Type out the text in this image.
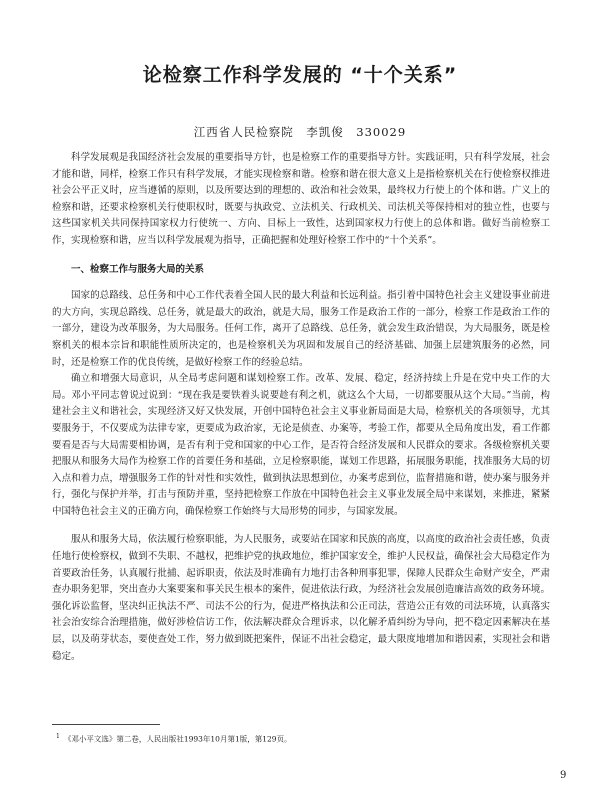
论检察工作科学发展的 “十个关系”
江西省人民检察院　李凯俊　330029

科学发展观是我国经济社会发展的重要指导方针，也是检察工作的重要指导方针。实践证明，只有科学发展，社会才能和谐，同样，检察工作只有科学发展，才能实现检察和谐。检察和谐在很大意义上是指检察机关在行使检察权推进社会公平正义时，应当遵循的原则，以及所要达到的理想的、政治和社会效果，最终权力行使上的个体和谐。广义上的检察和谐，还要求检察机关行使职权时，既要与执政党、立法机关、行政机关、司法机关等保持相对的独立性，也要与这些国家机关共同保持国家权力行使统一、方向、目标上一致性，达到国家权力行使上的总体和谐。做好当前检察工作，实现检察和谐，应当以科学发展观为指导，正确把握和处理好检察工作中的“十个关系”。

一、检察工作与服务大局的关系

国家的总路线、总任务和中心工作代表着全国人民的最大利益和长远利益。指引着中国特色社会主义建设事业前进的大方向，实现总路线、总任务，就是最大的政治，就是大局，服务工作是政治工作的一部分，检察工作是政治工作的一部分，建设为改革服务，为大局服务。任何工作，离开了总路线、总任务，就会发生政治错误，为大局服务，既是检察机关的根本宗旨和职能性质所决定的，也是检察机关为巩固和发展自己的经济基础、加强上层建筑服务的必然，同时，还是检察工作的优良传统，是做好检察工作的经验总结。

确立和增强大局意识，从全局考虑问题和谋划检察工作。改革、发展、稳定，经济持续上升是在党中央工作的大局。邓小平同志曾说过说到：“现在我是要铁着头说要趁有利之机，就这么个大局，一切都要服从这个大局。”当前，构建社会主义和谐社会，实现经济又好又快发展，开创中国特色社会主义事业新局面是大局，检察机关的各项领导，尤其要服务于，不仅要成为法律专家，更要成为政治家，无论是侦查、办案等，考验工作，都要从全局角度出发，看工作都要看是否与大局需要相协调，是否有利于党和国家的中心工作，是否符合经济发展和人民群众的要求。各级检察机关要把服从和服务大局作为检察工作的首要任务和基础，立足检察职能，谋划工作思路，拓展服务职能，找准服务大局的切入点和着力点，增强服务工作的针对性和实效性，做到执法思想到位，办案考虑到位，监督措施和谐，使办案与服务并行，强化与保护并举，打击与预防并重，坚持把检察工作放在中国特色社会主义事业发展全局中来谋划，来推进，紧紧中国特色社会主义的正确方向，确保检察工作始终与大局形势的同步，与国家发展。

服从和服务大局，依法履行检察职能，为人民服务，或要站在国家和民族的高度，以高度的政治社会责任感，负责任地行使检察权，做到不失职、不越权，把维护党的执政地位，维护国家安全，维护人民权益，确保社会大局稳定作为首要政治任务，认真履行批捕、起诉职责，依法及时准确有力地打击各种刑事犯罪，保障人民群众生命财产安全，严肃查办职务犯罪，突出查办大案要案和事关民生根本的案件，促进依法行政，为经济社会发展创造廉洁高效的政务环境。强化诉讼监督，坚决纠正执法不严、司法不公的行为，促进严格执法和公正司法，营造公正有效的司法环境，认真落实社会治安综合治理措施，做好涉检信访工作，依法解决群众合理诉求，以化解矛盾纠纷为导向，把不稳定因素解决在基层，以及萌芽状态，要使查处工作，努力做到既把案件，保证不出社会稳定，最大限度地增加和谐因素，实现社会和谐稳定。

$^1$ 《邓小平文选》第二卷，人民出版社1993年10月第1版，第129页。
9
